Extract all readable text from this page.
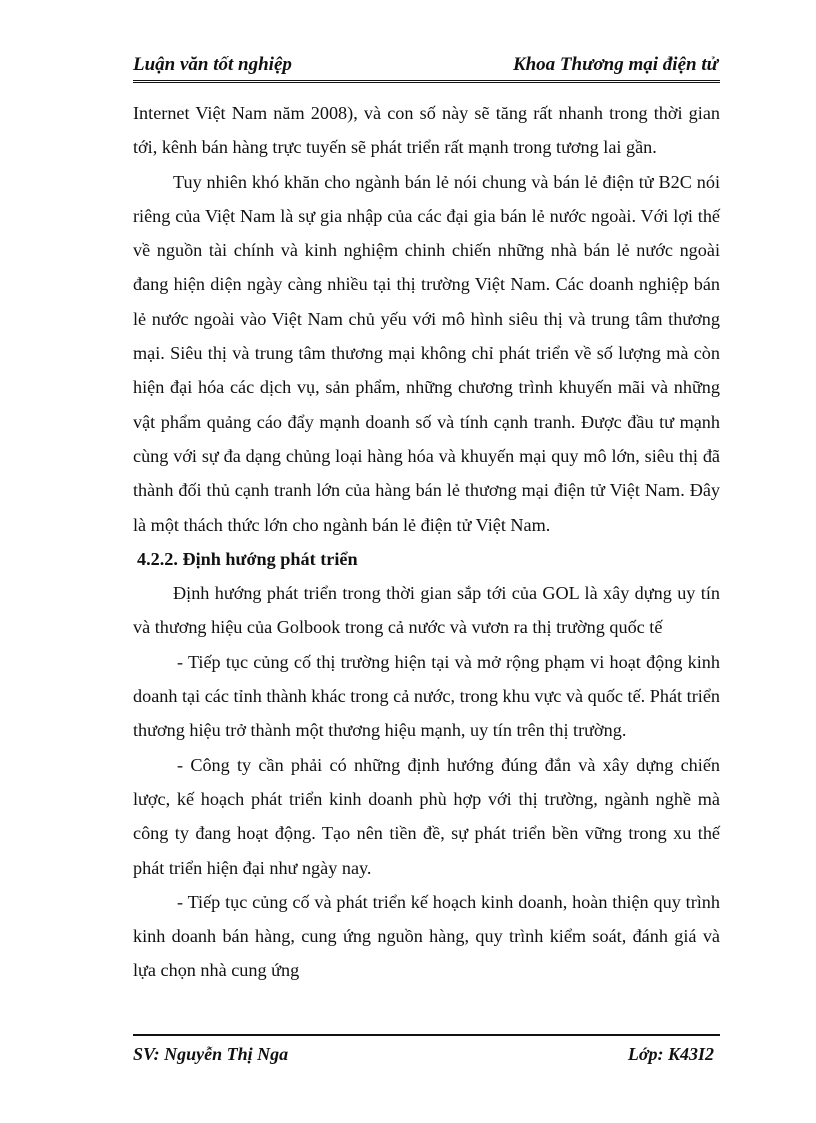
Luận văn tốt nghiệp	Khoa Thương mại điện tử

Internet Việt Nam năm 2008), và con số này sẽ tăng rất nhanh trong thời gian tới, kênh bán hàng trực tuyến sẽ phát triển rất mạnh trong tương lai gần.

Tuy nhiên khó khăn cho ngành bán lẻ nói chung và bán lẻ điện tử B2C nói riêng của Việt Nam là sự gia nhập của các đại gia bán lẻ nước ngoài. Với lợi thế về nguồn tài chính và kinh nghiệm chinh chiến những nhà bán lẻ nước ngoài đang hiện diện ngày càng nhiều tại thị trường Việt Nam. Các doanh nghiệp bán lẻ nước ngoài vào Việt Nam chủ yếu với mô hình siêu thị và trung tâm thương mại. Siêu thị và trung tâm thương mại không chỉ phát triển về số lượng mà còn hiện đại hóa các dịch vụ, sản phẩm, những chương trình khuyến mãi và những vật phẩm quảng cáo đẩy mạnh doanh số và tính cạnh tranh. Được đầu tư mạnh cùng với sự đa dạng chủng loại hàng hóa và khuyến mại quy mô lớn, siêu thị đã thành đối thủ cạnh tranh lớn của hàng bán lẻ thương mại điện tử Việt Nam. Đây là một thách thức lớn cho ngành bán lẻ điện tử Việt Nam.

4.2.2. Định hướng phát triển

Định hướng phát triển trong thời gian sắp tới của GOL là xây dựng uy tín và thương hiệu của Golbook trong cả nước và vươn ra thị trường quốc tế

- Tiếp tục củng cố thị trường hiện tại và mở rộng phạm vi hoạt động kinh doanh tại các tỉnh thành khác trong cả nước, trong khu vực và quốc tế. Phát triển thương hiệu trở thành một thương hiệu mạnh, uy tín trên thị trường.

- Công ty cần phải có những định hướng đúng đắn và xây dựng chiến lược, kế hoạch phát triển kinh doanh phù hợp với thị trường, ngành nghề mà công ty đang hoạt động. Tạo nên tiền đề, sự phát triển bền vững trong xu thế phát triển hiện đại như ngày nay.

- Tiếp tục củng cố và phát triển kế hoạch kinh doanh, hoàn thiện quy trình kinh doanh bán hàng, cung ứng nguồn hàng, quy trình kiểm soát, đánh giá và lựa chọn nhà cung ứng

SV: Nguyễn Thị Nga	Lớp: K43I2
